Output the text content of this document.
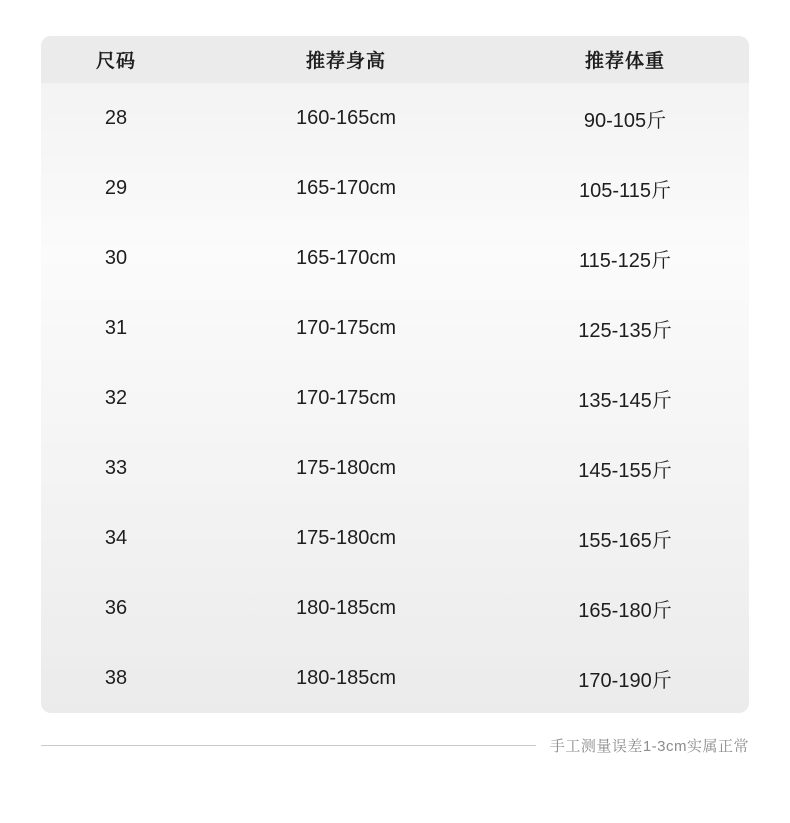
尺码	推荐身高	推荐体重
28	160-165cm	90-105斤
29	165-170cm	105-115斤
30	165-170cm	115-125斤
31	170-175cm	125-135斤
32	170-175cm	135-145斤
33	175-180cm	145-155斤
34	175-180cm	155-165斤
36	180-185cm	165-180斤
38	180-185cm	170-190斤
手工测量误差1-3cm实属正常
